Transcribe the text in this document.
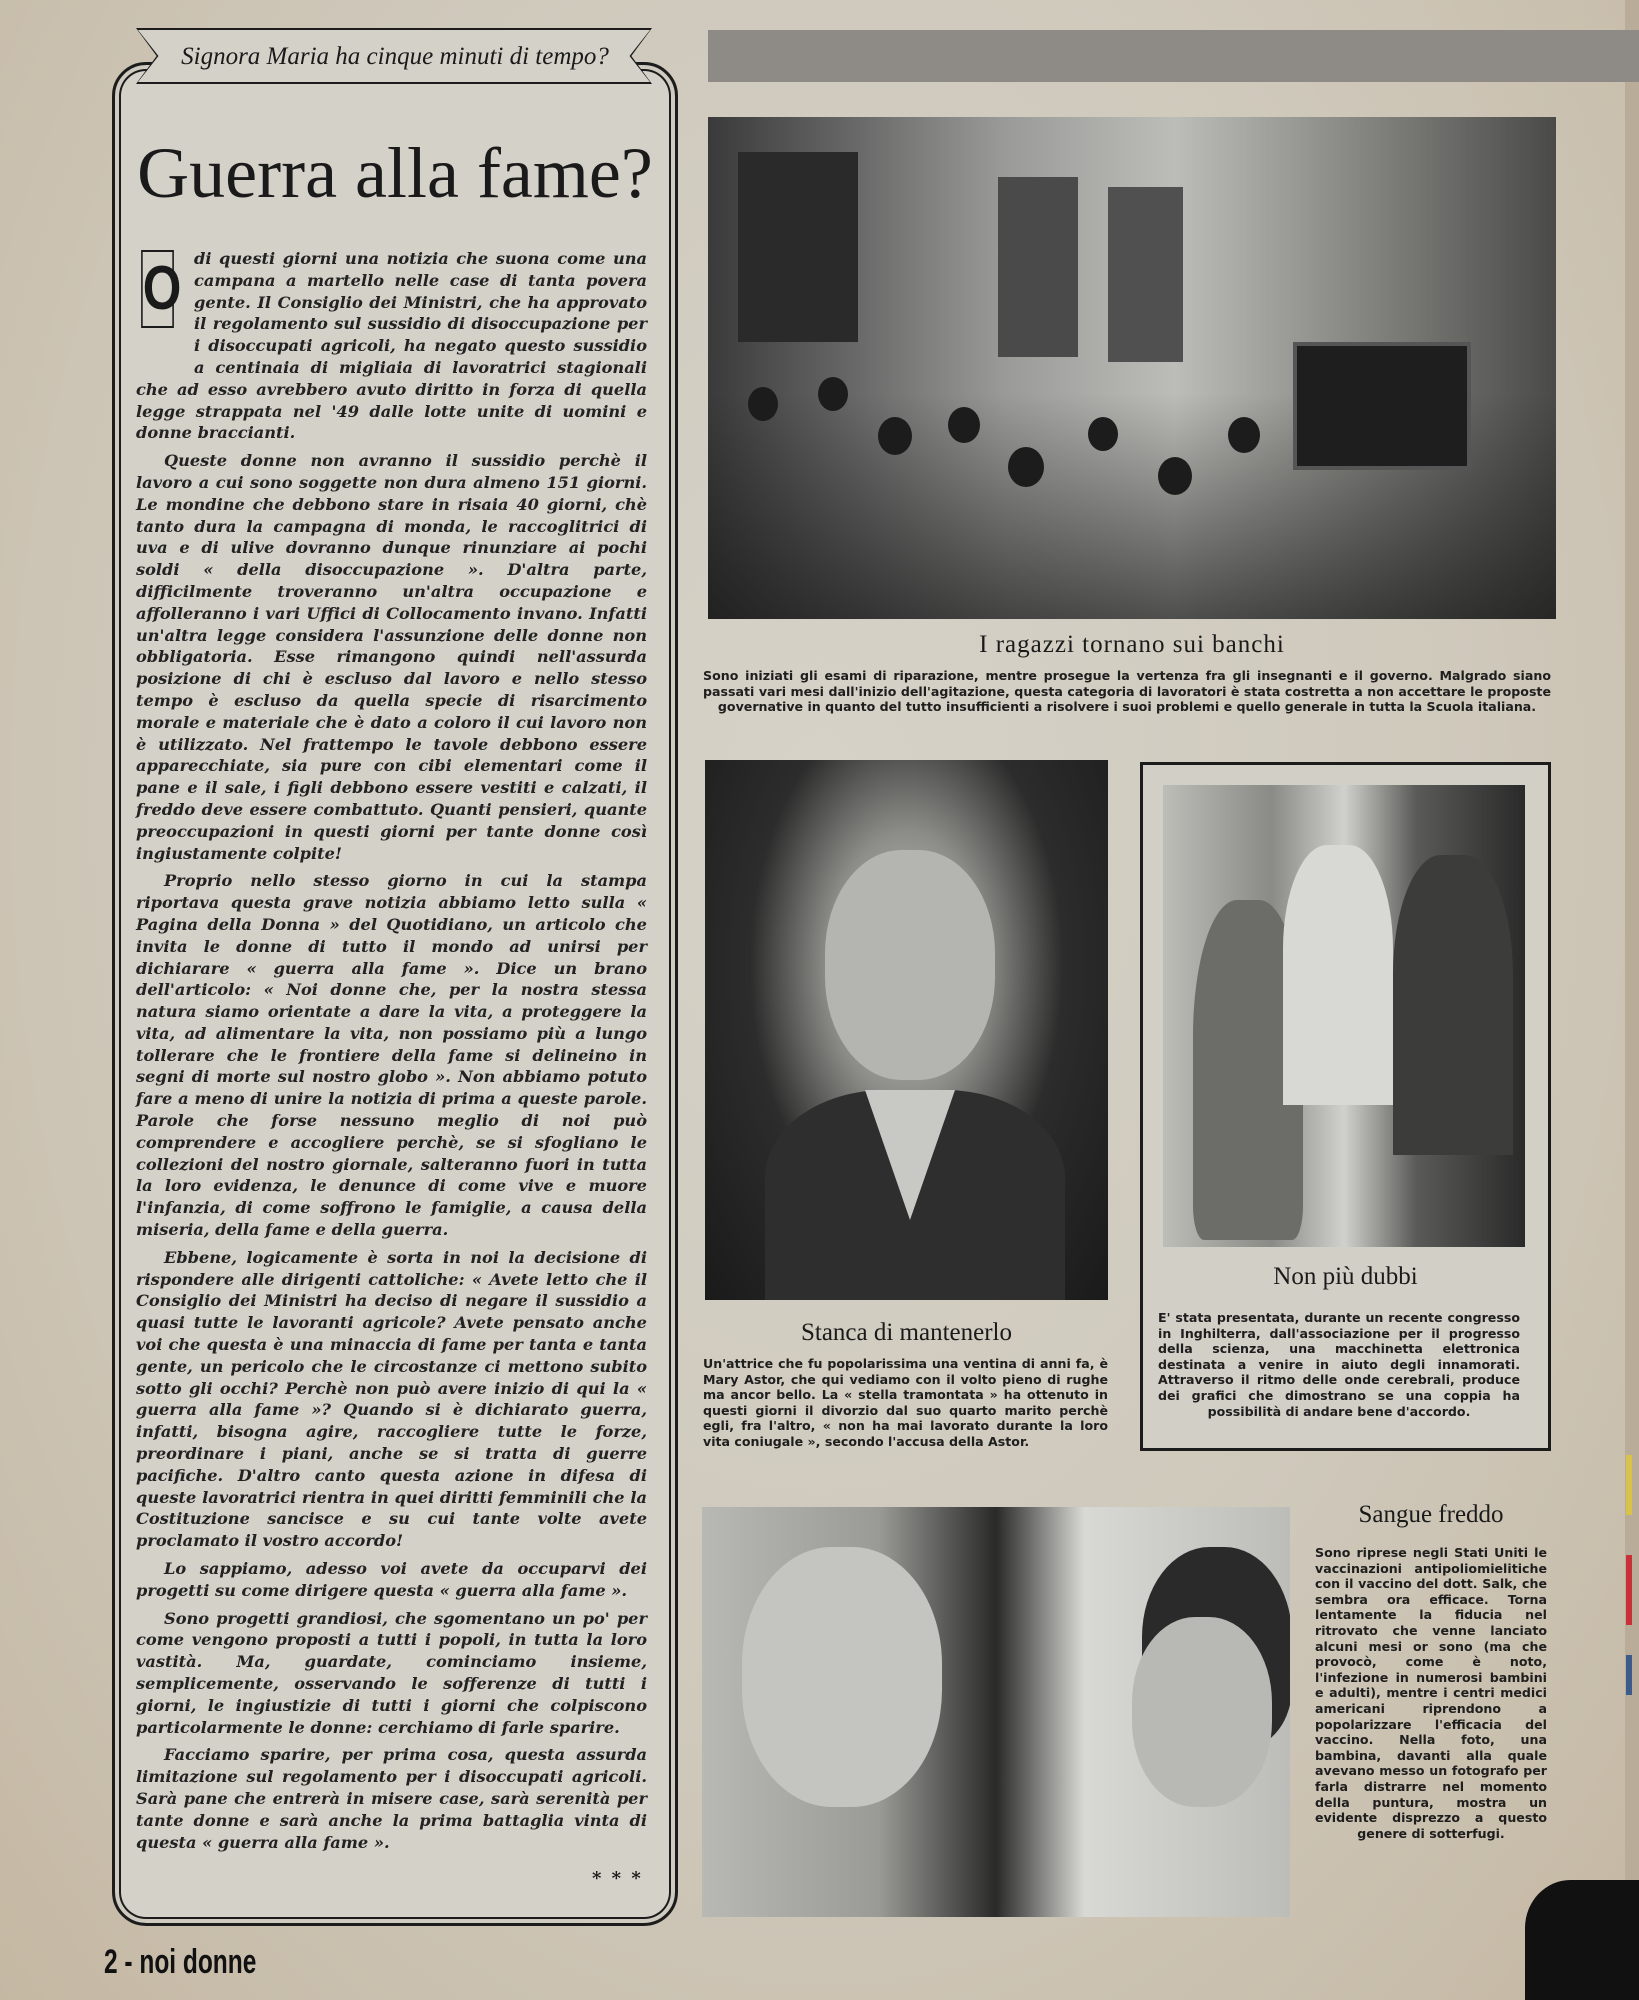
Signora Maria ha cinque minuti di tempo?
Guerra alla fame?
O di questi giorni una notizia che suona come una campana a martello nelle case di tanta povera gente. Il Consiglio dei Ministri, che ha approvato il regolamento sul sussidio di disoccupazione per i disoccupati agricoli, ha negato questo sussidio a centinaia di migliaia di lavoratrici stagionali che ad esso avrebbero avuto diritto in forza di quella legge strappata nel '49 dalle lotte unite di uomini e donne braccianti.

Queste donne non avranno il sussidio perchè il lavoro a cui sono soggette non dura almeno 151 giorni. Le mondine che debbono stare in risaia 40 giorni, chè tanto dura la campagna di monda, le raccoglitrici di uva e di ulive dovranno dunque rinunziare ai pochi soldi « della disoccupazione ». D'altra parte, difficilmente troveranno un'altra occupazione e affolleranno i vari Uffici di Collocamento invano. Infatti un'altra legge considera l'assunzione delle donne non obbligatoria. Esse rimangono quindi nell'assurda posizione di chi è escluso dal lavoro e nello stesso tempo è escluso da quella specie di risarcimento morale e materiale che è dato a coloro il cui lavoro non è utilizzato. Nel frattempo le tavole debbono essere apparecchiate, sia pure con cibi elementari come il pane e il sale, i figli debbono essere vestiti e calzati, il freddo deve essere combattuto. Quanti pensieri, quante preoccupazioni in questi giorni per tante donne così ingiustamente colpite!

Proprio nello stesso giorno in cui la stampa riportava questa grave notizia abbiamo letto sulla « Pagina della Donna » del Quotidiano, un articolo che invita le donne di tutto il mondo ad unirsi per dichiarare « guerra alla fame ». Dice un brano dell'articolo: « Noi donne che, per la nostra stessa natura siamo orientate a dare la vita, a proteggere la vita, ad alimentare la vita, non possiamo più a lungo tollerare che le frontiere della fame si delineino in segni di morte sul nostro globo ». Non abbiamo potuto fare a meno di unire la notizia di prima a queste parole. Parole che forse nessuno meglio di noi può comprendere e accogliere perchè, se si sfogliano le collezioni del nostro giornale, salteranno fuori in tutta la loro evidenza, le denunce di come vive e muore l'infanzia, di come soffrono le famiglie, a causa della miseria, della fame e della guerra.

Ebbene, logicamente è sorta in noi la decisione di rispondere alle dirigenti cattoliche: « Avete letto che il Consiglio dei Ministri ha deciso di negare il sussidio a quasi tutte le lavoranti agricole? Avete pensato anche voi che questa è una minaccia di fame per tanta e tanta gente, un pericolo che le circostanze ci mettono subito sotto gli occhi? Perchè non può avere inizio di qui la « guerra alla fame »? Quando si è dichiarato guerra, infatti, bisogna agire, raccogliere tutte le forze, preordinare i piani, anche se si tratta di guerre pacifiche. D'altro canto questa azione in difesa di queste lavoratrici rientra in quei diritti femminili che la Costituzione sancisce e su cui tante volte avete proclamato il vostro accordo!

Lo sappiamo, adesso voi avete da occuparvi dei progetti su come dirigere questa « guerra alla fame ».

Sono progetti grandiosi, che sgomentano un po' per come vengono proposti a tutti i popoli, in tutta la loro vastità. Ma, guardate, cominciamo insieme, semplicemente, osservando le sofferenze di tutti i giorni, le ingiustizie di tutti i giorni che colpiscono particolarmente le donne: cerchiamo di farle sparire.

Facciamo sparire, per prima cosa, questa assurda limitazione sul regolamento per i disoccupati agricoli. Sarà pane che entrerà in misere case, sarà serenità per tante donne e sarà anche la prima battaglia vinta di questa « guerra alla fame ».

* * *
2 - noi donne
I ragazzi tornano sui banchi
Sono iniziati gli esami di riparazione, mentre prosegue la vertenza fra gli insegnanti e il governo. Malgrado siano passati vari mesi dall'inizio dell'agitazione, questa categoria di lavoratori è stata costretta a non accettare le proposte governative in quanto del tutto insufficienti a risolvere i suoi problemi e quello generale in tutta la Scuola italiana.
Stanca di mantenerlo
Un'attrice che fu popolarissima una ventina di anni fa, è Mary Astor, che qui vediamo con il volto pieno di rughe ma ancor bello. La « stella tramontata » ha ottenuto in questi giorni il divorzio dal suo quarto marito perchè egli, fra l'altro, « non ha mai lavorato durante la loro vita coniugale », secondo l'accusa della Astor.
Non più dubbi
E' stata presentata, durante un recente congresso in Inghilterra, dall'associazione per il progresso della scienza, una macchinetta elettronica destinata a venire in aiuto degli innamorati. Attraverso il ritmo delle onde cerebrali, produce dei grafici che dimostrano se una coppia ha possibilità di andare bene d'accordo.
Sangue freddo
Sono riprese negli Stati Uniti le vaccinazioni antipoliomielitiche con il vaccino del dott. Salk, che sembra ora efficace. Torna lentamente la fiducia nel ritrovato che venne lanciato alcuni mesi or sono (ma che provocò, come è noto, l'infezione in numerosi bambini e adulti), mentre i centri medici americani riprendono a popolarizzare l'efficacia del vaccino. Nella foto, una bambina, davanti alla quale avevano messo un fotografo per farla distrarre nel momento della puntura, mostra un evidente disprezzo a questo genere di sotterfugi.
